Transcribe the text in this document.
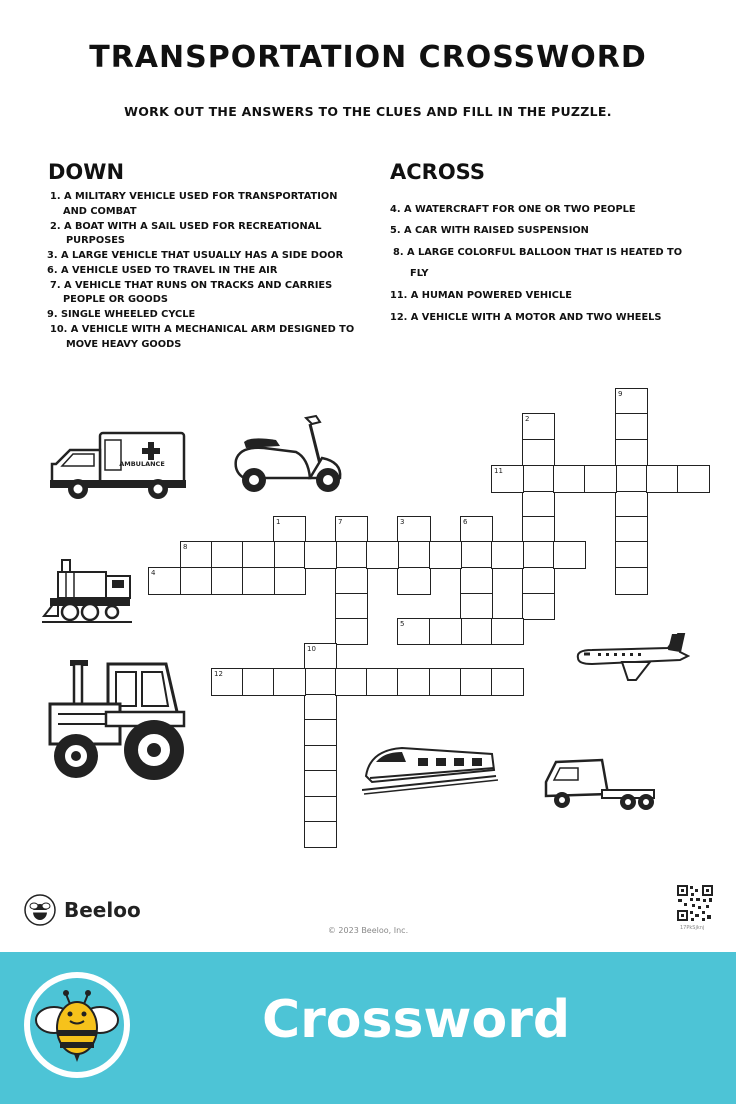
TRANSPORTATION CROSSWORD
WORK OUT THE ANSWERS TO THE CLUES AND FILL IN THE PUZZLE.
DOWN	ACROSS
1. A MILITARY VEHICLE USED FOR TRANSPORTATION
AND COMBAT
2. A BOAT WITH A SAIL USED FOR RECREATIONAL
PURPOSES
3. A LARGE VEHICLE THAT USUALLY HAS A SIDE DOOR
6. A VEHICLE USED TO TRAVEL IN THE AIR
7. A VEHICLE THAT RUNS ON TRACKS AND CARRIES
PEOPLE OR GOODS
9. SINGLE WHEELED CYCLE
10. A VEHICLE WITH A MECHANICAL ARM DESIGNED TO
MOVE HEAVY GOODS
4. A WATERCRAFT FOR ONE OR TWO PEOPLE
5. A CAR WITH RAISED SUSPENSION
8. A LARGE COLORFUL BALLOON THAT IS HEATED TO
FLY
11. A HUMAN POWERED VEHICLE
12. A VEHICLE WITH A MOTOR AND TWO WHEELS
9
2
11
1	7	3	6
8
4
5
10
12
AMBULANCE
Beeloo
© 2023 Beeloo, Inc.	17PkSjknj
Crossword
